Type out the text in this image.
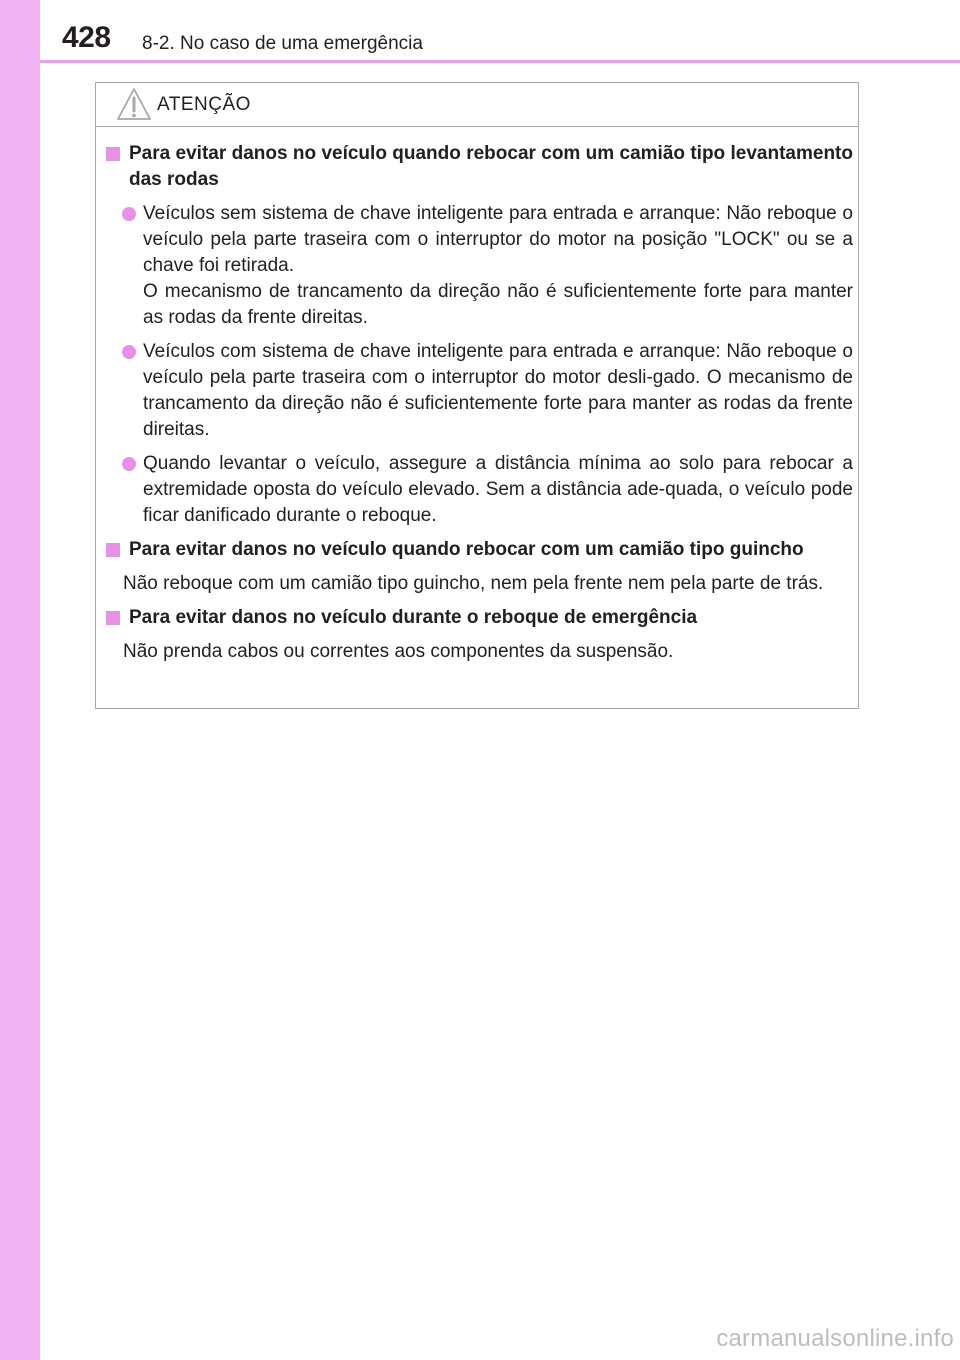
428 8-2. No caso de uma emergência
ATENÇÃO
Para evitar danos no veículo quando rebocar com um camião tipo levantamento das rodas
Veículos sem sistema de chave inteligente para entrada e arranque: Não reboque o veículo pela parte traseira com o interruptor do motor na posição "LOCK" ou se a chave foi retirada.
O mecanismo de trancamento da direção não é suficientemente forte para manter as rodas da frente direitas.
Veículos com sistema de chave inteligente para entrada e arranque: Não reboque o veículo pela parte traseira com o interruptor do motor desli-gado. O mecanismo de trancamento da direção não é suficientemente forte para manter as rodas da frente direitas.
Quando levantar o veículo, assegure a distância mínima ao solo para rebocar a extremidade oposta do veículo elevado. Sem a distância ade-quada, o veículo pode ficar danificado durante o reboque.
Para evitar danos no veículo quando rebocar com um camião tipo guincho
Não reboque com um camião tipo guincho, nem pela frente nem pela parte de trás.
Para evitar danos no veículo durante o reboque de emergência
Não prenda cabos ou correntes aos componentes da suspensão.
carmanualsonline.info
